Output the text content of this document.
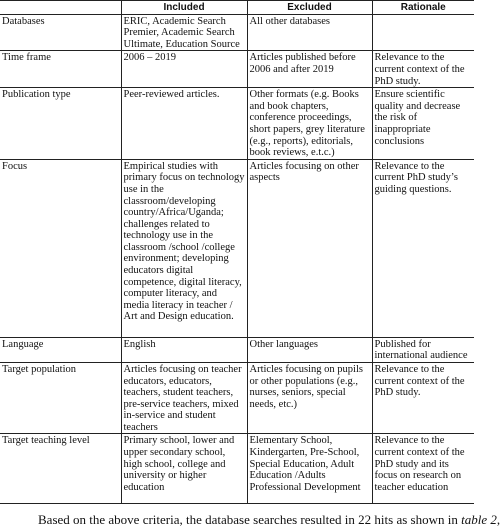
	Included	Excluded	Rationale
Databases	ERIC, Academic Search Premier, Academic Search Ultimate, Education Source	All other databases	
Time frame	2006 – 2019	Articles published before 2006 and after 2019	Relevance to the current context of the PhD study.
Publication type	Peer-reviewed articles.	Other formats (e.g. Books and book chapters, conference proceedings, short papers, grey literature (e.g., reports), editorials, book reviews, e.t.c.)	Ensure scientific quality and decrease the risk of inappropriate conclusions
Focus	Empirical studies with primary focus on technology use in the classroom/developing country/Africa/Uganda; challenges related to technology use in the classroom /school /college environment; developing educators digital competence, digital literacy, computer literacy, and media literacy in teacher / Art and Design education.	Articles focusing on other aspects	Relevance to the current PhD study’s guiding questions.
Language	English	Other languages	Published for international audience
Target population	Articles focusing on teacher educators, educators, teachers, student teachers, pre-service teachers, mixed in-service and student teachers	Articles focusing on pupils or other populations (e.g., nurses, seniors, special needs, etc.)	Relevance to the current context of the PhD study.
Target teaching level	Primary school, lower and upper secondary school, high school, college and university or higher education	Elementary School, Kindergarten, Pre-School, Special Education, Adult Education /Adults Professional Development	Relevance to the current context of the PhD study and its focus on research on teacher education
Based on the above criteria, the database searches resulted in 22 hits as shown in table 2,
